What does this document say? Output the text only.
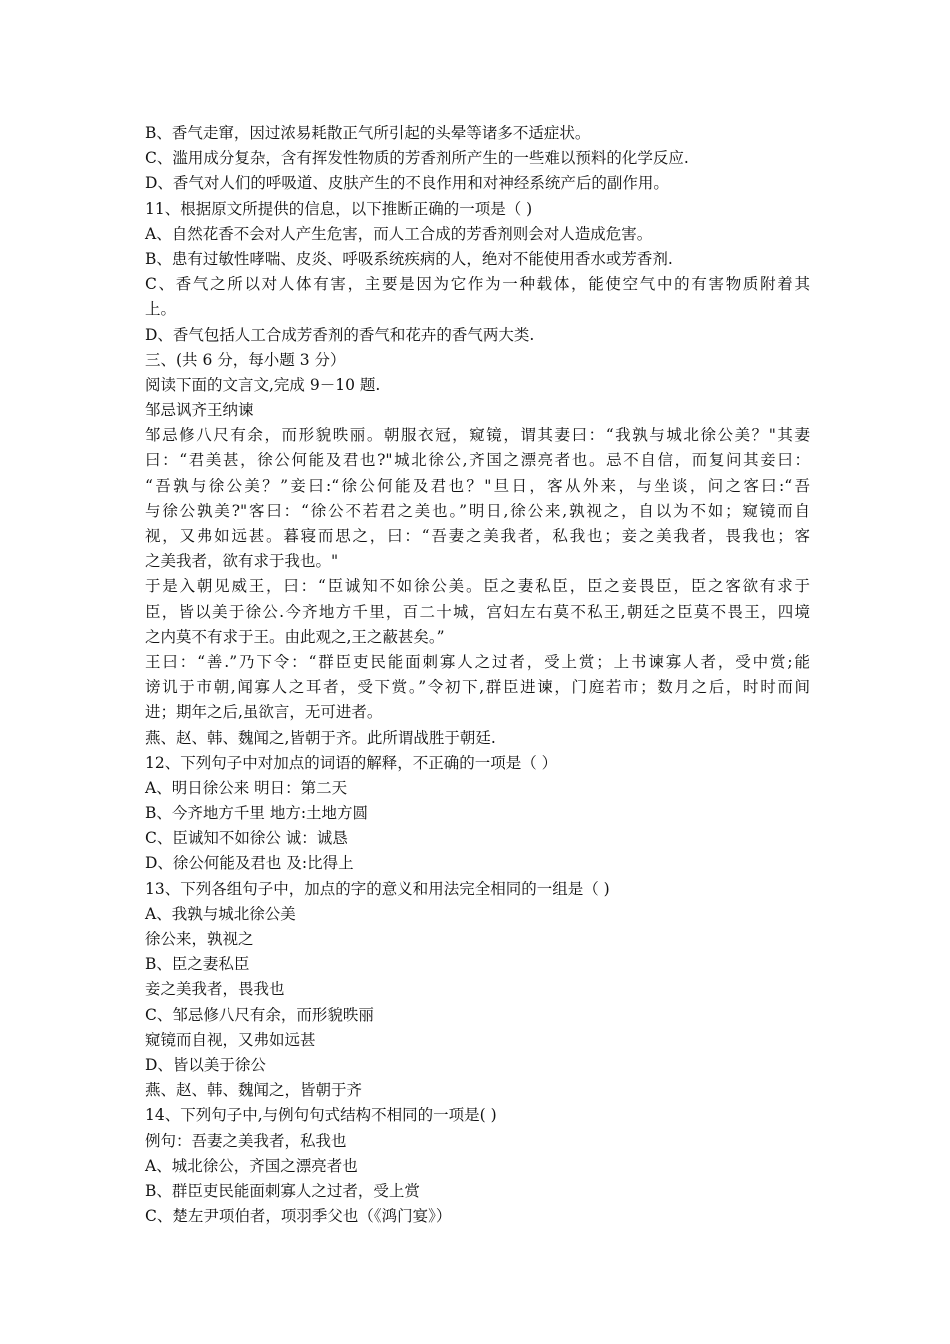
B、香气走窜，因过浓易耗散正气所引起的头晕等诸多不适症状。
C、滥用成分复杂，含有挥发性物质的芳香剂所产生的一些难以预料的化学反应.
D、香气对人们的呼吸道、皮肤产生的不良作用和对神经系统产后的副作用。
11、根据原文所提供的信息，以下推断正确的一项是（ )
A、自然花香不会对人产生危害，而人工合成的芳香剂则会对人造成危害。
B、患有过敏性哮喘、皮炎、呼吸系统疾病的人，绝对不能使用香水或芳香剂.
C、香气之所以对人体有害，主要是因为它作为一种载体，能使空气中的有害物质附着其
上。
D、香气包括人工合成芳香剂的香气和花卉的香气两大类.
三、(共 6 分，每小题 3 分）
阅读下面的文言文,完成 9－10 题.
邹忌讽齐王纳谏
邹忌修八尺有余，而形貌昳丽。朝服衣冠，窥镜，谓其妻曰：“我孰与城北徐公美？"其妻
曰：“君美甚，徐公何能及君也?"城北徐公,齐国之漂亮者也。忌不自信，而复问其妾曰：
“吾孰与徐公美？”妾曰:“徐公何能及君也？"旦日，客从外来，与坐谈，问之客曰:“吾
与徐公孰美?"客曰：“徐公不若君之美也。”明日,徐公来,孰视之，自以为不如；窥镜而自
视，又弗如远甚。暮寝而思之，曰：“吾妻之美我者，私我也；妾之美我者，畏我也；客
之美我者，欲有求于我也。"
于是入朝见威王，曰：“臣诚知不如徐公美。臣之妻私臣，臣之妾畏臣，臣之客欲有求于
臣，皆以美于徐公.今齐地方千里，百二十城，宫妇左右莫不私王,朝廷之臣莫不畏王，四境
之内莫不有求于王。由此观之,王之蔽甚矣。”
王曰：“善.”乃下令：“群臣吏民能面刺寡人之过者，受上赏；上书谏寡人者，受中赏;能
谤讥于市朝,闻寡人之耳者，受下赏。”令初下,群臣进谏，门庭若市；数月之后，时时而间
进；期年之后,虽欲言，无可进者。
燕、赵、韩、魏闻之,皆朝于齐。此所谓战胜于朝廷.
12、下列句子中对加点的词语的解释，不正确的一项是（ ）
A、明日徐公来 明日：第二天
B、今齐地方千里 地方:土地方圆
C、臣诚知不如徐公 诚：诚恳
D、徐公何能及君也 及:比得上
13、下列各组句子中，加点的字的意义和用法完全相同的一组是（ )
A、我孰与城北徐公美
徐公来，孰视之
B、臣之妻私臣
妾之美我者，畏我也
C、邹忌修八尺有余，而形貌昳丽
窥镜而自视，又弗如远甚
D、皆以美于徐公
燕、赵、韩、魏闻之，皆朝于齐
14、下列句子中,与例句句式结构不相同的一项是( )
例句：吾妻之美我者，私我也
A、城北徐公，齐国之漂亮者也
B、群臣吏民能面刺寡人之过者，受上赏
C、楚左尹项伯者，项羽季父也（《鸿门宴》）
